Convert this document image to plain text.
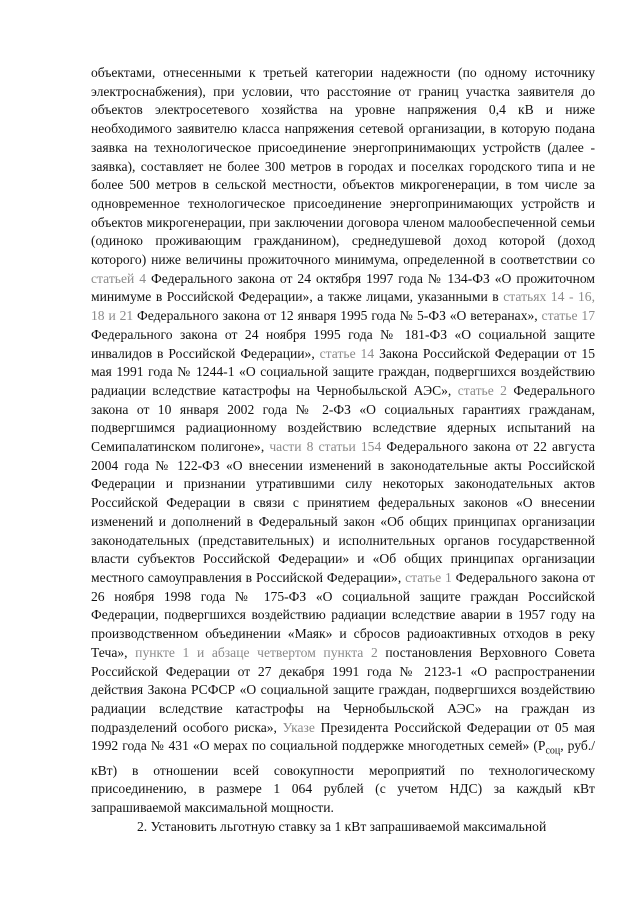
объектами, отнесенными к третьей категории надежности (по одному источнику электроснабжения), при условии, что расстояние от границ участка заявителя до объектов электросетевого хозяйства на уровне напряжения 0,4 кВ и ниже необходимого заявителю класса напряжения сетевой организации, в которую подана заявка на технологическое присоединение энергопринимающих устройств (далее - заявка), составляет не более 300 метров в городах и поселках городского типа и не более 500 метров в сельской местности, объектов микрогенерации, в том числе за одновременное технологическое присоединение энергопринимающих устройств и объектов микрогенерации, при заключении договора членом малообеспеченной семьи (одиноко проживающим гражданином), среднедушевой доход которой (доход которого) ниже величины прожиточного минимума, определенной в соответствии со статьей 4 Федерального закона от 24 октября 1997 года № 134-ФЗ «О прожиточном минимуме в Российской Федерации», а также лицами, указанными в статьях 14 - 16, 18 и 21 Федерального закона от 12 января 1995 года № 5-ФЗ «О ветеранах», статье 17 Федерального закона от 24 ноября 1995 года № 181-ФЗ «О социальной защите инвалидов в Российской Федерации», статье 14 Закона Российской Федерации от 15 мая 1991 года № 1244-1 «О социальной защите граждан, подвергшихся воздействию радиации вследствие катастрофы на Чернобыльской АЭС», статье 2 Федерального закона от 10 января 2002 года № 2-ФЗ «О социальных гарантиях гражданам, подвергшимся радиационному воздействию вследствие ядерных испытаний на Семипалатинском полигоне», части 8 статьи 154 Федерального закона от 22 августа 2004 года № 122-ФЗ «О внесении изменений в законодательные акты Российской Федерации и признании утратившими силу некоторых законодательных актов Российской Федерации в связи с принятием федеральных законов «О внесении изменений и дополнений в Федеральный закон «Об общих принципах организации законодательных (представительных) и исполнительных органов государственной власти субъектов Российской Федерации» и «Об общих принципах организации местного самоуправления в Российской Федерации», статье 1 Федерального закона от 26 ноября 1998 года № 175-ФЗ «О социальной защите граждан Российской Федерации, подвергшихся воздействию радиации вследствие аварии в 1957 году на производственном объединении «Маяк» и сбросов радиоактивных отходов в реку Теча», пункте 1 и абзаце четвертом пункта 2 постановления Верховного Совета Российской Федерации от 27 декабря 1991 года № 2123-1 «О распространении действия Закона РСФСР «О социальной защите граждан, подвергшихся воздействию радиации вследствие катастрофы на Чернобыльской АЭС» на граждан из подразделений особого риска», Указе Президента Российской Федерации от 05 мая 1992 года № 431 «О мерах по социальной поддержке многодетных семей» ($P_{соц}$, руб./кВт) в отношении всей совокупности мероприятий по технологическому присоединению, в размере 1 064 рублей (с учетом НДС) за каждый кВт запрашиваемой максимальной мощности.

2. Установить льготную ставку за 1 кВт запрашиваемой максимальной
